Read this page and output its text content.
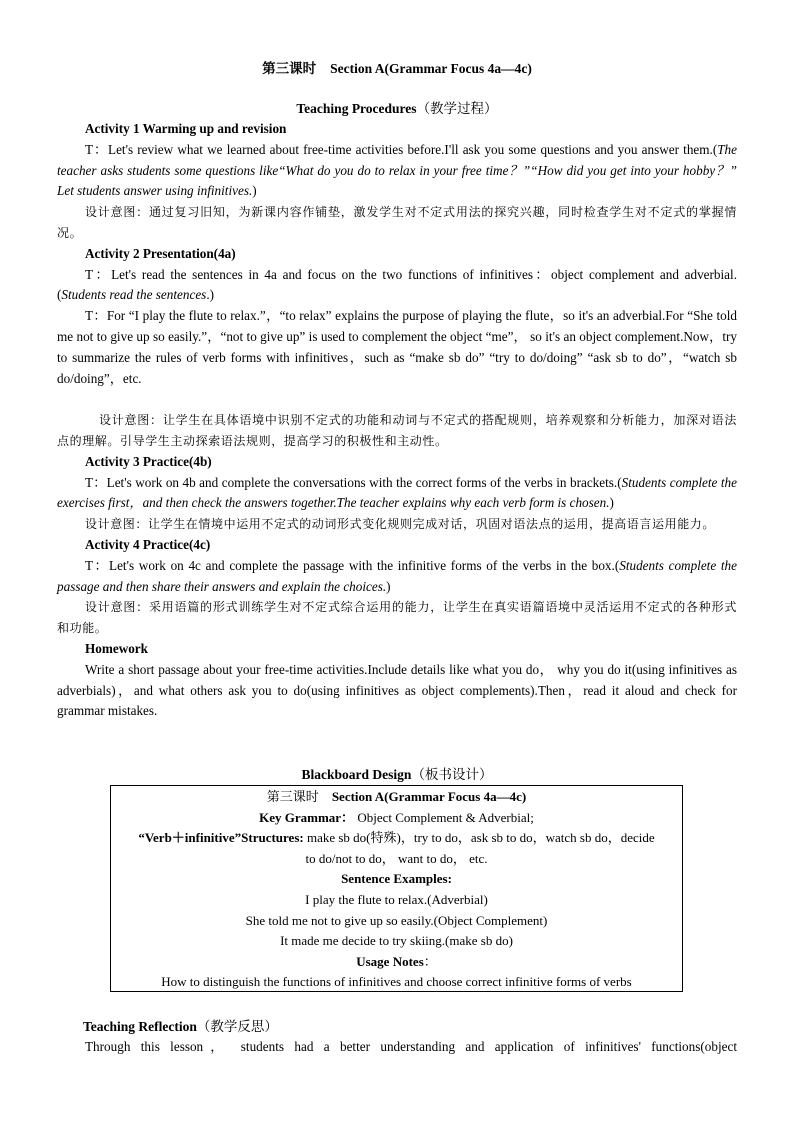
第三课时 Section A(Grammar Focus 4a—4c)
Teaching Procedures（教学过程）

Activity 1 Warming up and revision

T：Let's review what we learned about free-time activities before.I'll ask you some questions and you answer them.(The teacher asks students some questions like“What do you do to relax in your free time？”“How did you get into your hobby？” Let students answer using infinitives.)

设计意图：通过复习旧知，为新课内容作铺垫，激发学生对不定式用法的探究兴趣，同时检查学生对不定式的掌握情况。

Activity 2 Presentation(4a)

T：Let's read the sentences in 4a and focus on the two functions of infinitives：object complement and adverbial.(Students read the sentences.)

T：For “I play the flute to relax.”，“to relax” explains the purpose of playing the flute，so it's an adverbial.For “She told me not to give up so easily.”，“not to give up” is used to complement the object “me”， so it's an object complement.Now，try to summarize the rules of verb forms with infinitives，such as “make sb do” “try to do/doing” “ask sb to do”，“watch sb do/doing”，etc.

设计意图：让学生在具体语境中识别不定式的功能和动词与不定式的搭配规则，培养观察和分析能力，加深对语法点的理解。引导学生主动探索语法规则，提高学习的积极性和主动性。

Activity 3 Practice(4b)

T：Let's work on 4b and complete the conversations with the correct forms of the verbs in brackets.(Students complete the exercises first，and then check the answers together.The teacher explains why each verb form is chosen.)

设计意图：让学生在情境中运用不定式的动词形式变化规则完成对话，巩固对语法点的运用，提高语言运用能力。

Activity 4 Practice(4c)

T：Let's work on 4c and complete the passage with the infinitive forms of the verbs in the box.(Students complete the passage and then share their answers and explain the choices.)

设计意图：采用语篇的形式训练学生对不定式综合运用的能力，让学生在真实语篇语境中灵活运用不定式的各种形式和功能。

Homework

Write a short passage about your free-time activities.Include details like what you do， why you do it(using infinitives as adverbials)，and what others ask you to do(using infinitives as object complements).Then，read it aloud and check for grammar mistakes.

Blackboard Design（板书设计）
第三课时 Section A(Grammar Focus 4a—4c)
Key Grammar： Object Complement & Adverbial;
“Verb＋infinitive”Structures: make sb do(特殊)，try to do，ask sb to do，watch sb do，decide
to do/not to do， want to do， etc.
Sentence Examples:
I play the flute to relax.(Adverbial)
She told me not to give up so easily.(Object Complement)
It made me decide to try skiing.(make sb do)
Usage Notes：
How to distinguish the functions of infinitives and choose correct infinitive forms of verbs
Teaching Reflection（教学反思）
Through this lesson， students had a better understanding and application of infinitives' functions(object
